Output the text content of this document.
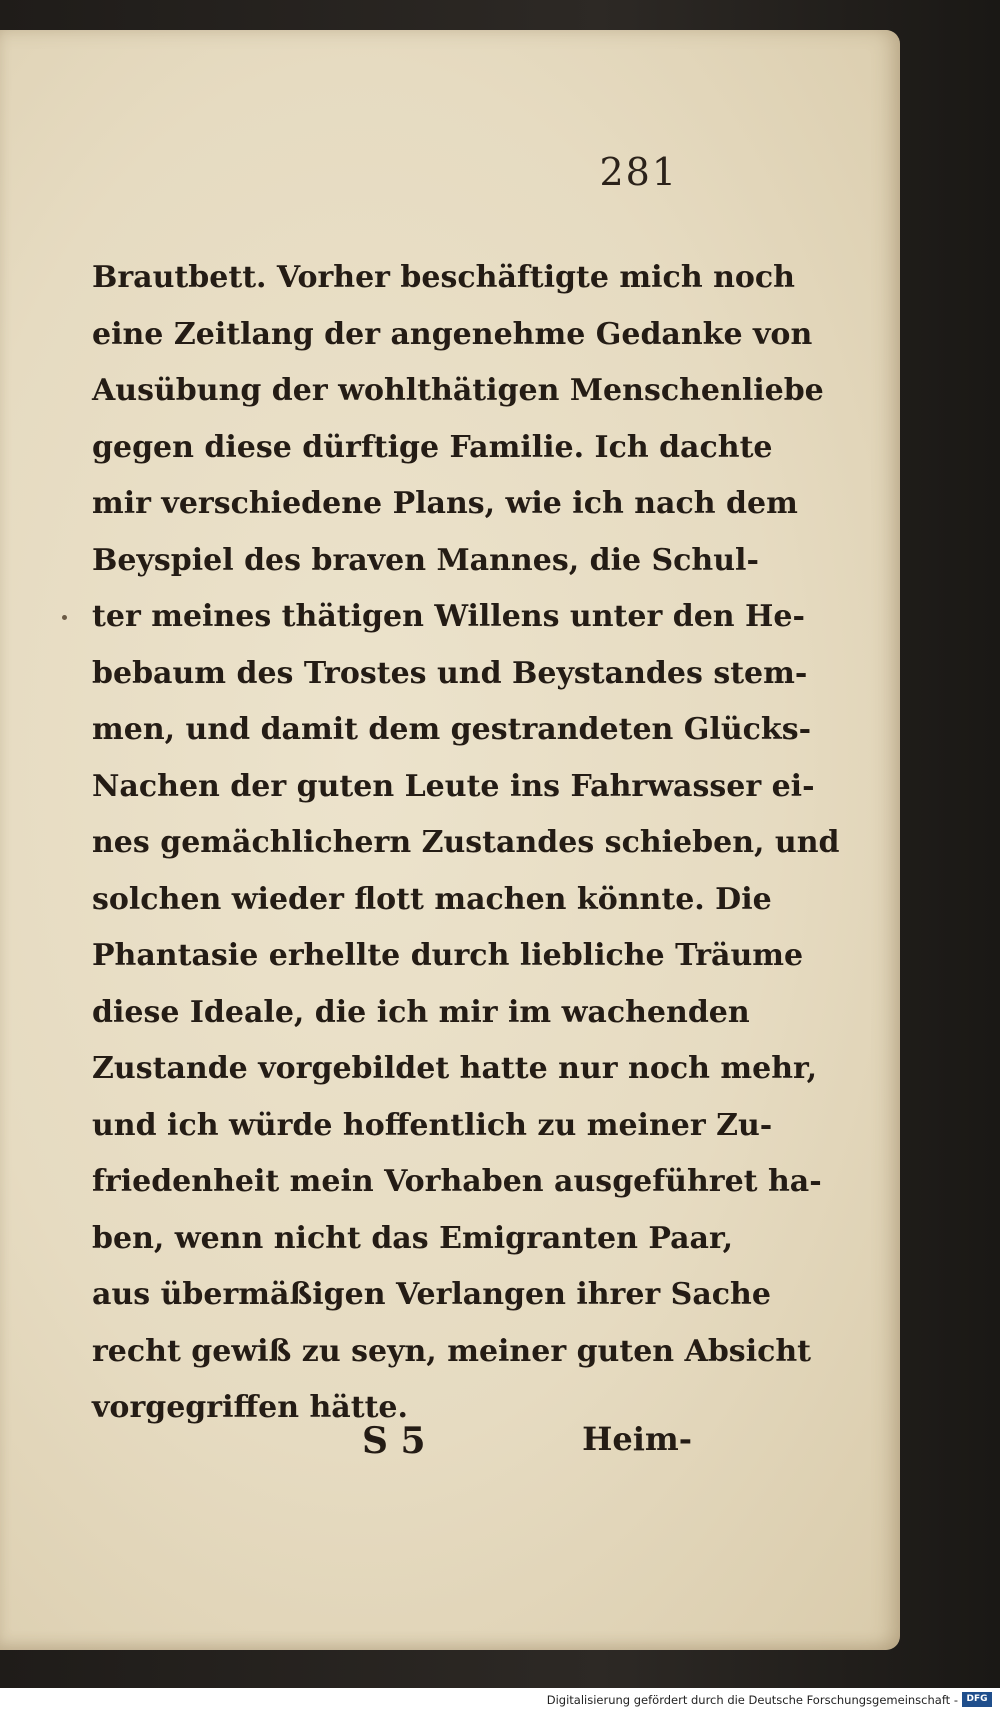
281
Brautbett. Vorher beschäftigte mich noch
eine Zeitlang der angenehme Gedanke von
Ausübung der wohlthätigen Menschenliebe
gegen diese dürftige Familie. Ich dachte
mir verschiedene Plans, wie ich nach dem
Beyspiel des braven Mannes, die Schul-
ter meines thätigen Willens unter den He-
bebaum des Trostes und Beystandes stem-
men, und damit dem gestrandeten Glücks-
Nachen der guten Leute ins Fahrwasser ei-
nes gemächlichern Zustandes schieben, und
solchen wieder flott machen könnte. Die
Phantasie erhellte durch liebliche Träume
diese Ideale, die ich mir im wachenden
Zustande vorgebildet hatte nur noch mehr,
und ich würde hoffentlich zu meiner Zu-
friedenheit mein Vorhaben ausgeführet ha-
ben, wenn nicht das Emigranten Paar,
aus übermäßigen Verlangen ihrer Sache
recht gewiß zu seyn, meiner guten Absicht
vorgegriffen hätte.
S 5	Heim-
Digitalisierung gefördert durch die Deutsche Forschungsgemeinschaft - DFG
